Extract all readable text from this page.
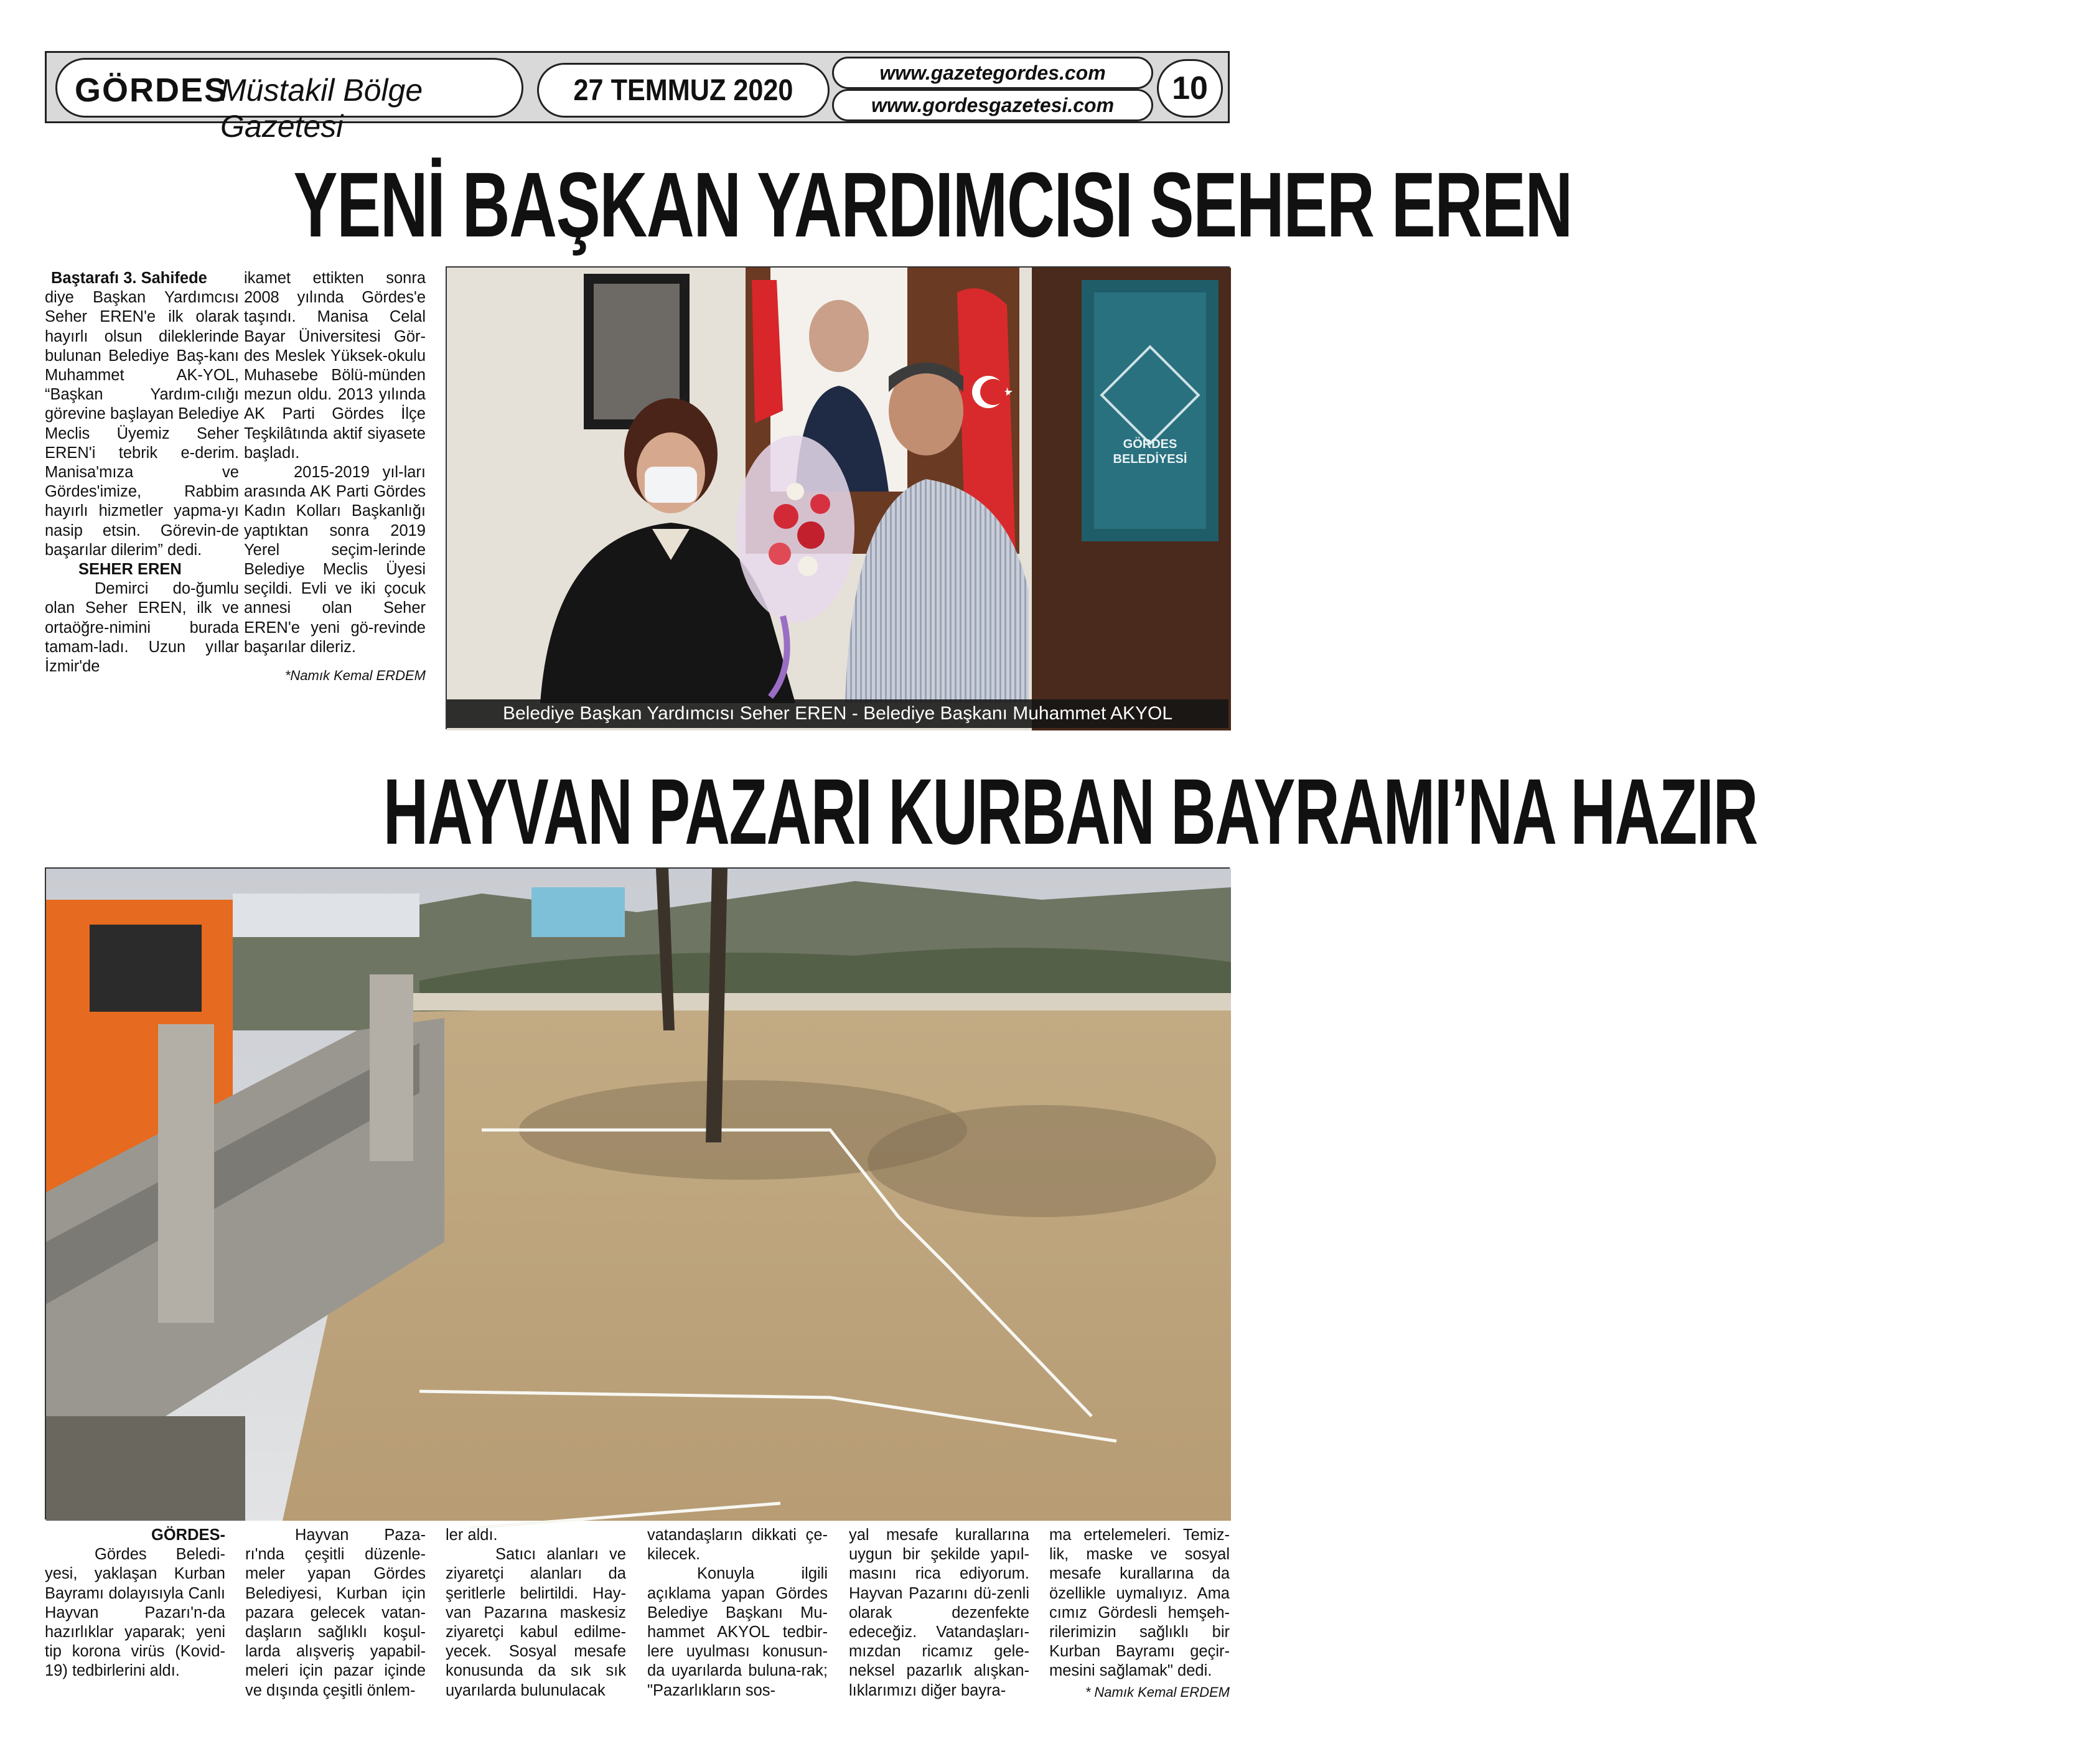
GÖRDES
Müstakil Bölge Gazetesi
27 TEMMUZ 2020
www.gazetegordes.com
www.gordesgazetesi.com	10
YENİ BAŞKAN YARDIMCISI SEHER EREN

Baştarafı 3. Sahifede

diye Başkan Yardımcısı Seher EREN'e ilk olarak hayırlı olsun dileklerinde bulunan Belediye Baş-kanı Muhammet AK-YOL, “Başkan Yardım-cılığı görevine başlayan Belediye Meclis Üyemiz Seher EREN'i tebrik e-derim. Manisa'mıza ve Gördes'imize, Rabbim hayırlı hizmetler yapma-yı nasip etsin. Görevin-de başarılar dilerim” dedi.

SEHER EREN

Demirci do-ğumlu olan Seher EREN, ilk ve ortaöğre-nimini burada tamam-ladı. Uzun yıllar İzmir'de

ikamet ettikten sonra 2008 yılında Gördes'e taşındı. Manisa Celal Bayar Üniversitesi Gör-des Meslek Yüksek-okulu Muhasebe Bölü-münden mezun oldu. 2013 yılında AK Parti Gördes İlçe Teşkilâtında aktif siyasete başladı.

2015-2019 yıl-ları arasında AK Parti Gördes Kadın Kolları Başkanlığı yaptıktan sonra 2019 Yerel seçim-lerinde Belediye Meclis Üyesi seçildi. Evli ve iki çocuk annesi olan Seher EREN'e yeni gö-revinde başarılar dileriz.

*Namık Kemal ERDEM

GÖRDES
BELEDİYESİ
Belediye Başkan Yardımcısı Seher EREN - Belediye Başkanı Muhammet AKYOL
HAYVAN PAZARI KURBAN BAYRAMI’NA HAZIR

GÖRDES-

Gördes Beledi-yesi, yaklaşan Kurban Bayramı dolayısıyla Canlı Hayvan Pazarı'n-da hazırlıklar yaparak; yeni tip korona virüs (Kovid-19) tedbirlerini aldı.

Hayvan Paza-rı'nda çeşitli düzenle-meler yapan Gördes Belediyesi, Kurban için pazara gelecek vatan-daşların sağlıklı koşul-larda alışveriş yapabil-meleri için pazar içinde ve dışında çeşitli önlem-

ler aldı.

Satıcı alanları ve ziyaretçi alanları da şeritlerle belirtildi. Hay-van Pazarına maskesiz ziyaretçi kabul edilme-yecek. Sosyal mesafe konusunda da sık sık uyarılarda bulunulacak

vatandaşların dikkati çe-kilecek.

Konuyla ilgili açıklama yapan Gördes Belediye Başkanı Mu-hammet AKYOL tedbir-lere uyulması konusun-da uyarılarda buluna-rak; "Pazarlıkların sos-

yal mesafe kurallarına uygun bir şekilde yapıl-masını rica ediyorum. Hayvan Pazarını dü-zenli olarak dezenfekte edeceğiz. Vatandaşları-mızdan ricamız gele-neksel pazarlık alışkan-lıklarımızı diğer bayra-

ma ertelemeleri. Temiz-lik, maske ve sosyal mesafe kurallarına da özellikle uymalıyız. Ama cımız Gördesli hemşeh-rilerimizin sağlıklı bir Kurban Bayramı geçir-mesini sağlamak" dedi.

* Namık Kemal ERDEM
